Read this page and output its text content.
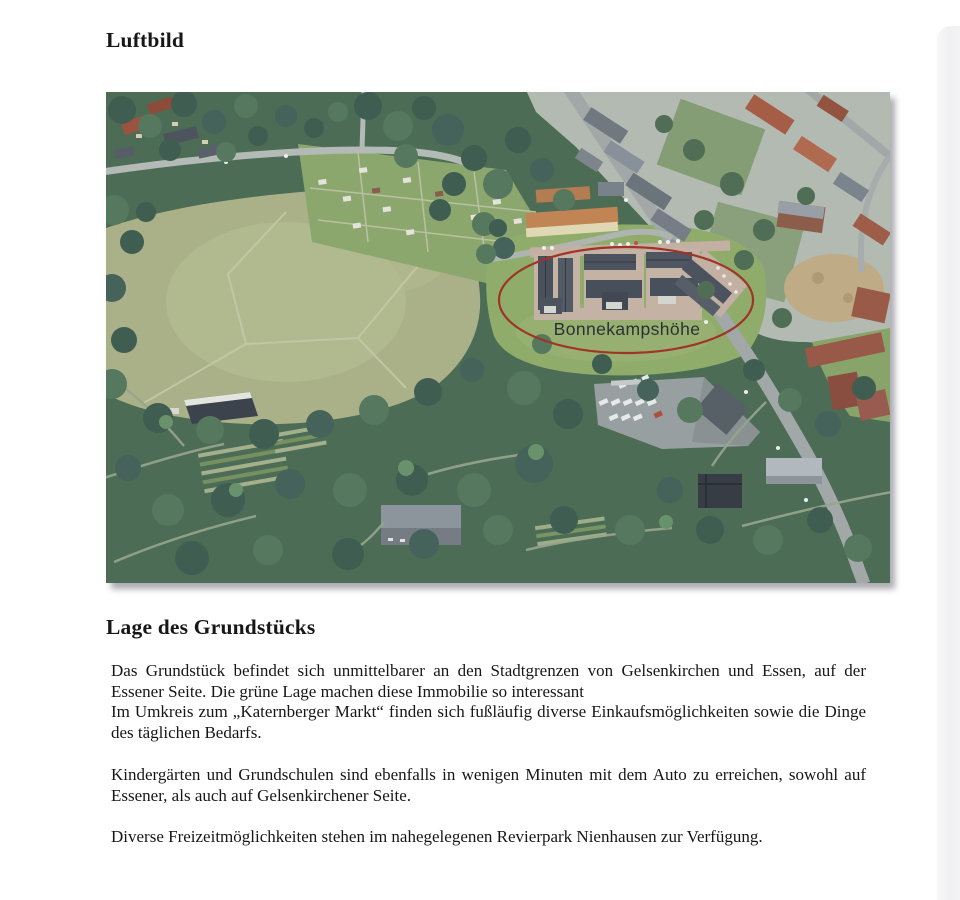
Luftbild
Bonnekampshöhe
Lage des Grundstücks

Das Grundstück befindet sich unmittelbarer an den Stadtgrenzen von Gelsenkirchen und Essen, auf der Essener Seite. Die grüne Lage machen diese Immobilie so interessant

Im Umkreis zum „Katernberger Markt“ finden sich fußläufig diverse Einkaufsmöglichkeiten sowie die Dinge des täglichen Bedarfs.

Kindergärten und Grundschulen sind ebenfalls in wenigen Minuten mit dem Auto zu erreichen, sowohl auf Essener, als auch auf Gelsenkirchener Seite.

Diverse Freizeitmöglichkeiten stehen im nahegelegenen Revierpark Nienhausen zur Verfügung.
